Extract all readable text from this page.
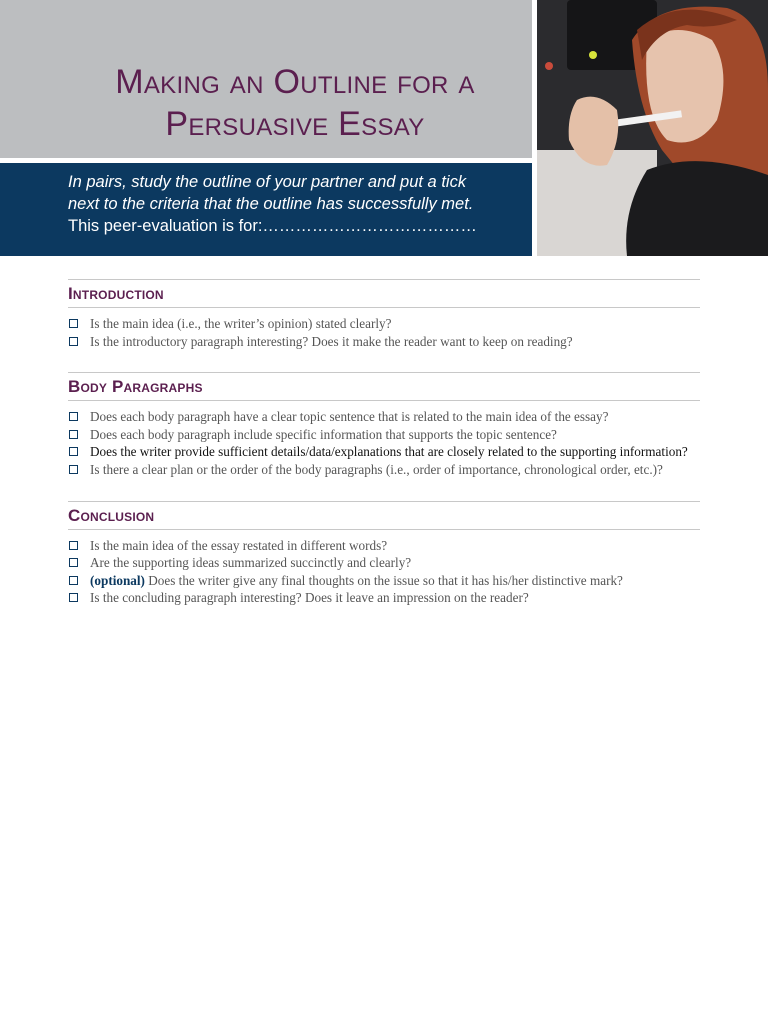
Making an Outline for a
Persuasive Essay
In pairs, study the outline of your partner and put a tick
next to the criteria that the outline has successfully met.
This peer-evaluation is for:…………………………………
Introduction
Is the main idea (i.e., the writer’s opinion) stated clearly?
Is the introductory paragraph interesting? Does it make the reader want to keep on reading?
Body Paragraphs
Does each body paragraph have a clear topic sentence that is related to the main idea of the essay?
Does each body paragraph include specific information that supports the topic sentence?
Does the writer provide sufficient details/data/explanations that are closely related to the supporting information?
Is there a clear plan or the order of the body paragraphs (i.e., order of importance, chronological order, etc.)?
Conclusion
Is the main idea of the essay restated in different words?
Are the supporting ideas summarized succinctly and clearly?
(optional) Does the writer give any final thoughts on the issue so that it has his/her distinctive mark?
Is the concluding paragraph interesting? Does it leave an impression on the reader?
